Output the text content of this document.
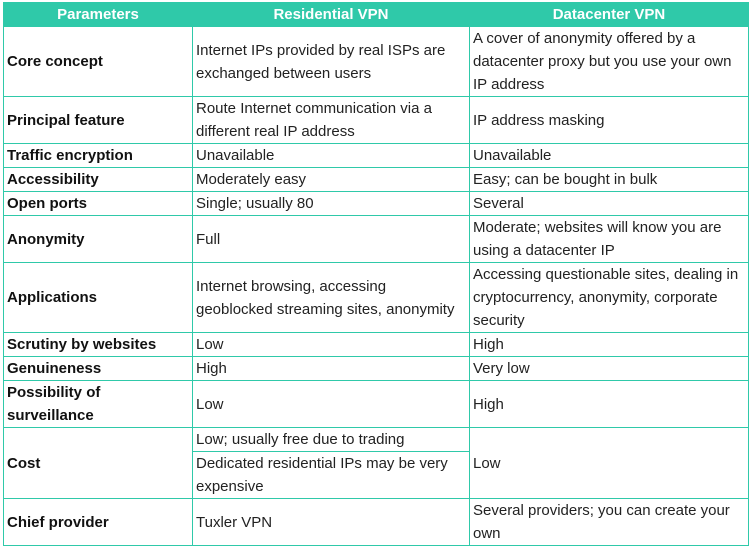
Parameters	Residential VPN	Datacenter VPN
Core concept	Internet IPs provided by real ISPs are exchanged between users	A cover of anonymity offered by a datacenter proxy but you use your own IP address
Principal feature	Route Internet communication via a different real IP address	IP address masking
Traffic encryption	Unavailable	Unavailable
Accessibility	Moderately easy	Easy; can be bought in bulk
Open ports	Single; usually 80	Several
Anonymity	Full	Moderate; websites will know you are using a datacenter IP
Applications	Internet browsing, accessing geoblocked streaming sites, anonymity	Accessing questionable sites, dealing in cryptocurrency, anonymity, corporate security
Scrutiny by websites	Low	High
Genuineness	High	Very low
Possibility of surveillance	Low	High
Cost	Low; usually free due to trading	Low
	Dedicated residential IPs may be very expensive	
Chief provider	Tuxler VPN	Several providers; you can create your own
